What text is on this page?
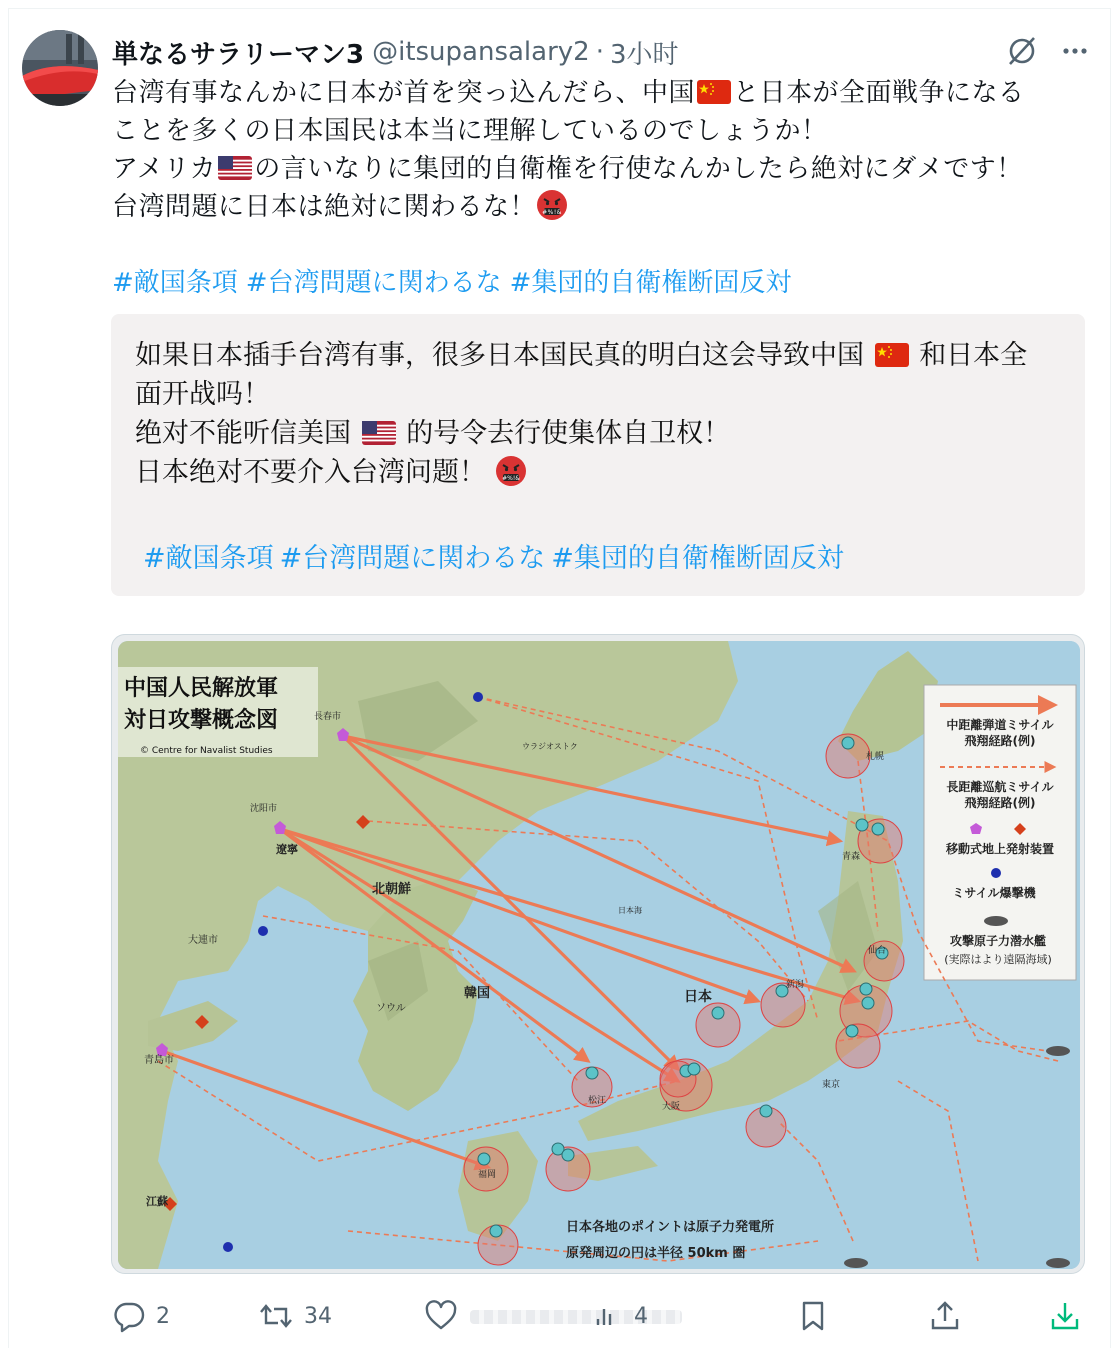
単なるサラリーマン3 @itsupansalary2 · 3小时
台湾有事なんかに日本が首を突っ込んだら、中国 と日本が全面戦争になる
ことを多くの日本国民は本当に理解しているのでしょうか！
アメリカ の言いなりに集団的自衛権を行使なんかしたら絶対にダメです！
台湾問題に日本は絶対に関わるな！ #%!&
#敵国条項 #台湾問題に関わるな #集団的自衛権断固反対
如果日本插手台湾有事，很多日本国民真的明白这会导致中国 和日本全
面开战吗！
绝对不能听信美国 的号令去行使集体自卫权！
日本绝对不要介入台湾问题！	#%!&
#敵国条項 #台湾問題に関わるな #集団的自衛権断固反対
中国人民解放軍
対日攻撃概念図
© Centre for Navalist Studies
中距離弾道ミサイル
飛翔経路(例)
長距離巡航ミサイル
飛翔経路(例)
移動式地上発射装置
ミサイル爆撃機
攻撃原子力潜水艦
(実際はより遠隔海域)
日本
韓国
北朝鮮
遼寧
江蘇
大連市
青島市
沈阳市
長春市
ソウル
日本海
東京
大阪
福岡
新潟
青森
札幌
仙台
松江
ウラジオストク
日本各地のポイントは原子力発電所
原発周辺の円は半径 50km 圏
2	34	4
